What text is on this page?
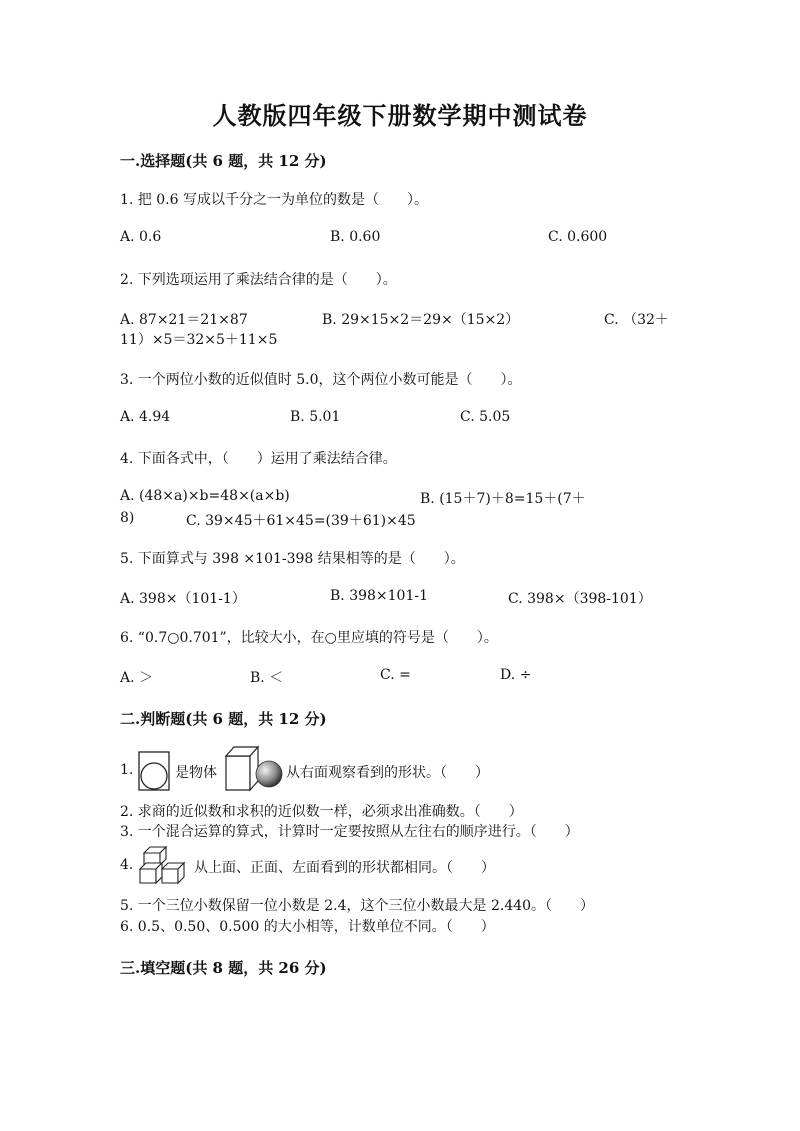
人教版四年级下册数学期中测试卷
一.选择题(共 6 题，共 12 分)
1. 把 0.6 写成以千分之一为单位的数是（　　）。
A. 0.6	B. 0.60	C. 0.600
2. 下列选项运用了乘法结合律的是（　　）。
A. 87×21＝21×87	B. 29×15×2＝29×（15×2）	C. （32＋
11）×5＝32×5＋11×5
3. 一个两位小数的近似值时 5.0，这个两位小数可能是（　　）。
A. 4.94	B. 5.01	C. 5.05
4. 下面各式中，（　　）运用了乘法结合律。
A. (48×a)×b=48×(a×b)	B. (15＋7)＋8=15＋(7＋
8)	C. 39×45＋61×45=(39＋61)×45
5. 下面算式与 398 ×101-398 结果相等的是（　　）。
A. 398×（101-1）	B. 398×101-1	C. 398×（398-101）
6. “0.7○0.701”，比较大小，在○里应填的符号是（　　）。
A. ＞	B. ＜	C. =	D. ÷
二.判断题(共 6 题，共 12 分)
1.	是物体	从右面观察看到的形状。（　　）
2. 求商的近似数和求积的近似数一样，必须求出准确数。（　　）
3. 一个混合运算的算式，计算时一定要按照从左往右的顺序进行。（　　）
4.	从上面、正面、左面看到的形状都相同。（　　）
5. 一个三位小数保留一位小数是 2.4，这个三位小数最大是 2.440。（　　）
6. 0.5、0.50、0.500 的大小相等，计数单位不同。（　　）
三.填空题(共 8 题，共 26 分)
